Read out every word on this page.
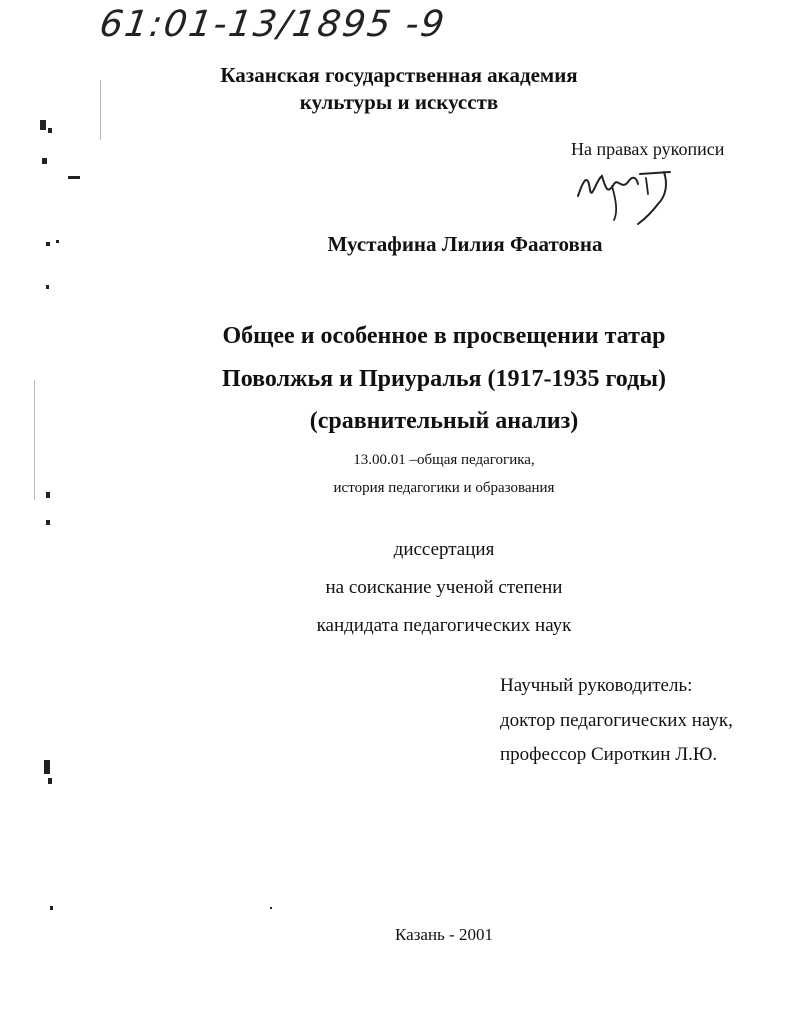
61:01-13/1895 -9
Казанская государственная академия
культуры и искусств
На правах рукописи
Мустафина Лилия Фаатовна
Общее и особенное в просвещении татар
Поволжья и Приуралья (1917-1935 годы)
(сравнительный анализ)
13.00.01 –общая педагогика,
история педагогики и образования
диссертация
на соискание ученой степени
кандидата педагогических наук
Научный руководитель:
доктор педагогических наук,
профессор Сироткин Л.Ю.
Казань - 2001
